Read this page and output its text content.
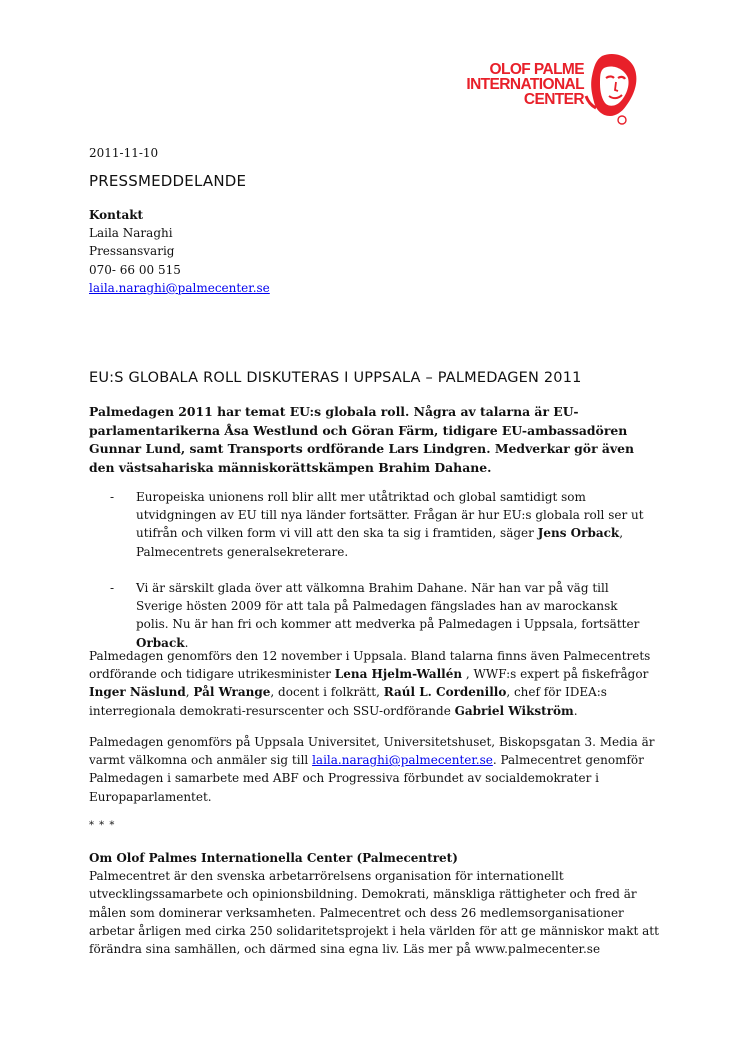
OLOF PALME
INTERNATIONAL
CENTER
2011-11-10
PRESSMEDDELANDE
Kontakt
Laila Naraghi
Pressansvarig
070- 66 00 515
laila.naraghi@palmecenter.se
EU:S GLOBALA ROLL DISKUTERAS I UPPSALA – PALMEDAGEN 2011
Palmedagen 2011 har temat EU:s globala roll. Några av talarna är EU-parlamentarikerna Åsa Westlund och Göran Färm, tidigare EU-ambassadören Gunnar Lund, samt Transports ordförande Lars Lindgren. Medverkar gör även den västsahariska människorättskämpen Brahim Dahane.
- Europeiska unionens roll blir allt mer utåtriktad och global samtidigt som utvidgningen av EU till nya länder fortsätter. Frågan är hur EU:s globala roll ser ut utifrån och vilken form vi vill att den ska ta sig i framtiden, säger Jens Orback, Palmecentrets generalsekreterare.
- Vi är särskilt glada över att välkomna Brahim Dahane. När han var på väg till Sverige hösten 2009 för att tala på Palmedagen fängslades han av marockansk polis. Nu är han fri och kommer att medverka på Palmedagen i Uppsala, fortsätter Orback.
Palmedagen genomförs den 12 november i Uppsala. Bland talarna finns även Palmecentrets ordförande och tidigare utrikesminister Lena Hjelm-Wallén , WWF:s expert på fiskefrågor Inger Näslund, Pål Wrange, docent i folkrätt, Raúl L. Cordenillo, chef för IDEA:s interregionala demokrati-resurscenter och SSU-ordförande Gabriel Wikström.
Palmedagen genomförs på Uppsala Universitet, Universitetshuset, Biskopsgatan 3. Media är varmt välkomna och anmäler sig till laila.naraghi@palmecenter.se. Palmecentret genomför Palmedagen i samarbete med ABF och Progressiva förbundet av socialdemokrater i Europaparlamentet.
* * *
Om Olof Palmes Internationella Center (Palmecentret)
Palmecentret är den svenska arbetarrörelsens organisation för internationellt utvecklingssamarbete och opinionsbildning. Demokrati, mänskliga rättigheter och fred är målen som dominerar verksamheten. Palmecentret och dess 26 medlemsorganisationer arbetar årligen med cirka 250 solidaritetsprojekt i hela världen för att ge människor makt att förändra sina samhällen, och därmed sina egna liv. Läs mer på www.palmecenter.se
